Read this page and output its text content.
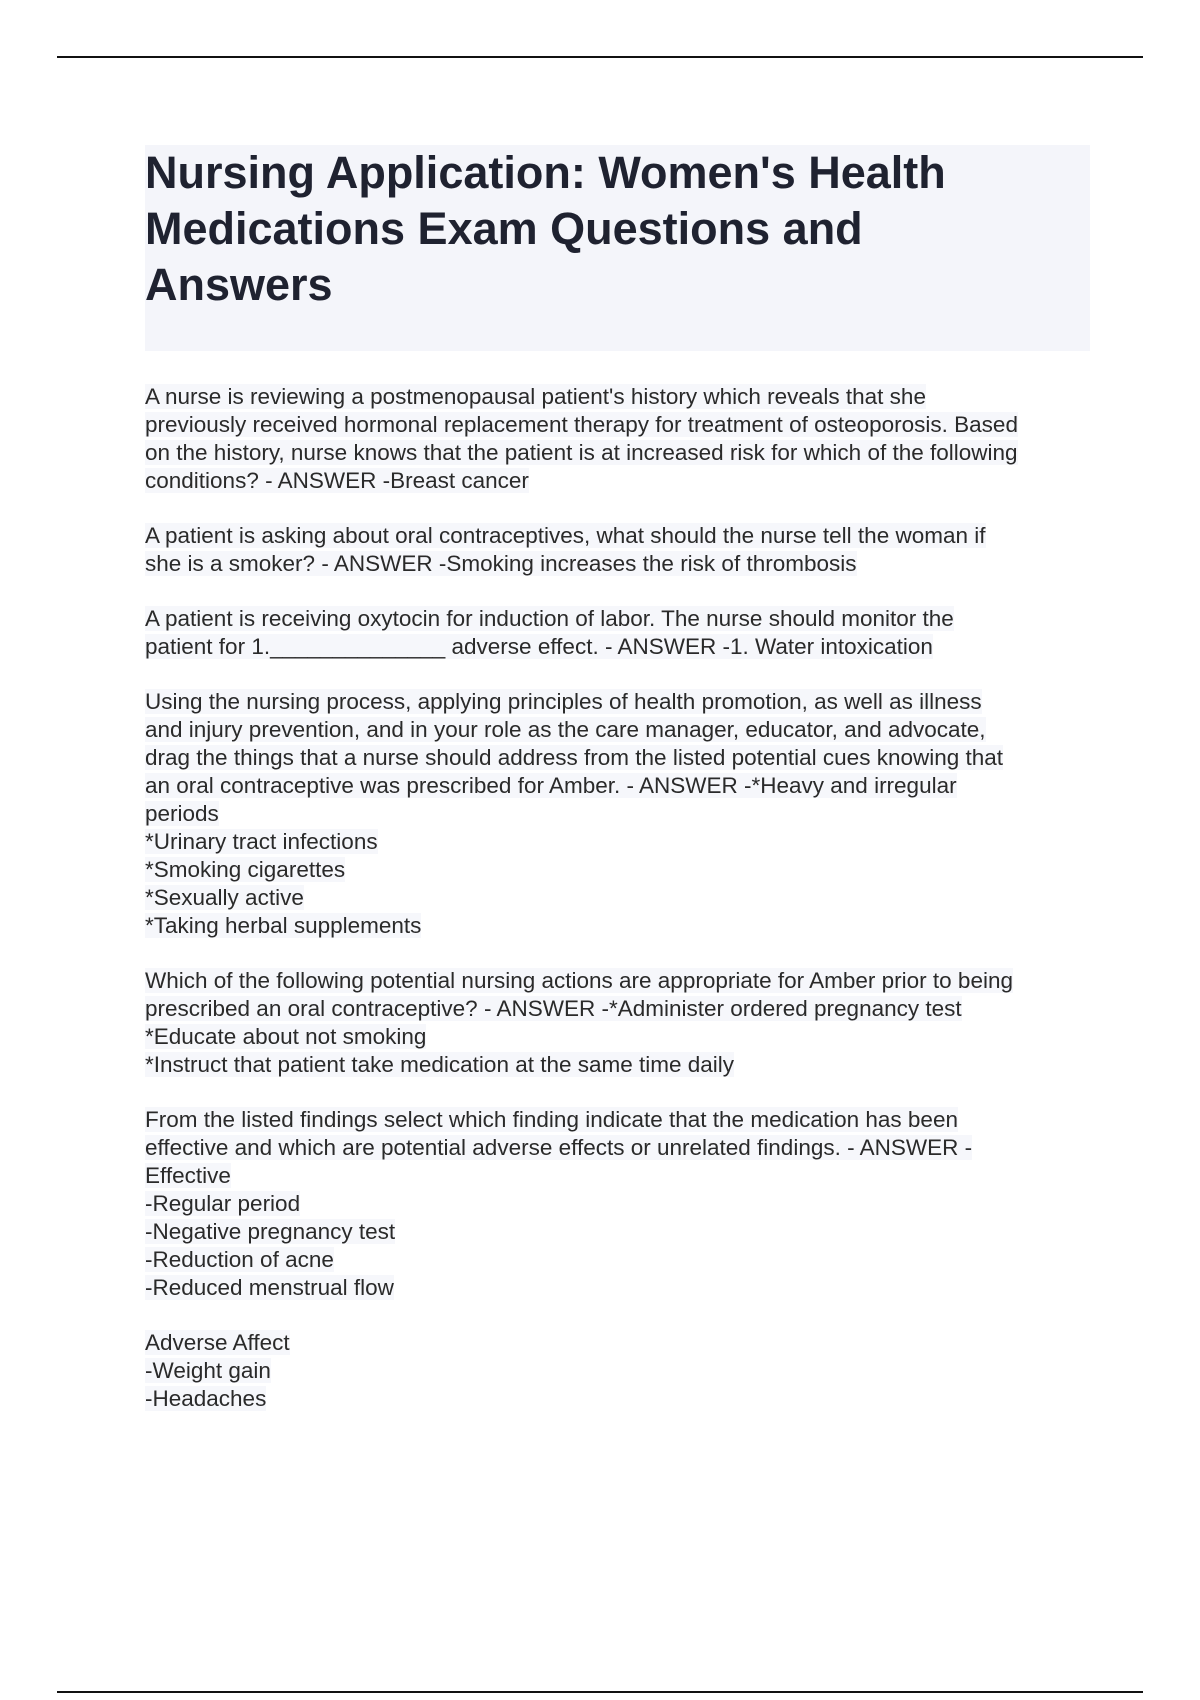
Nursing Application: Women's Health Medications Exam Questions and Answers

A nurse is reviewing a postmenopausal patient's history which reveals that she
previously received hormonal replacement therapy for treatment of osteoporosis. Based
on the history, nurse knows that the patient is at increased risk for which of the following
conditions? - ANSWER -Breast cancer

A patient is asking about oral contraceptives, what should the nurse tell the woman if
she is a smoker? - ANSWER -Smoking increases the risk of thrombosis

A patient is receiving oxytocin for induction of labor. The nurse should monitor the
patient for 1.______________ adverse effect. - ANSWER -1. Water intoxication

Using the nursing process, applying principles of health promotion, as well as illness
and injury prevention, and in your role as the care manager, educator, and advocate,
drag the things that a nurse should address from the listed potential cues knowing that
an oral contraceptive was prescribed for Amber. - ANSWER -*Heavy and irregular
periods
*Urinary tract infections
*Smoking cigarettes
*Sexually active
*Taking herbal supplements

Which of the following potential nursing actions are appropriate for Amber prior to being
prescribed an oral contraceptive? - ANSWER -*Administer ordered pregnancy test
*Educate about not smoking
*Instruct that patient take medication at the same time daily

From the listed findings select which finding indicate that the medication has been
effective and which are potential adverse effects or unrelated findings. - ANSWER -
Effective
-Regular period
-Negative pregnancy test
-Reduction of acne
-Reduced menstrual flow

Adverse Affect
-Weight gain
-Headaches
